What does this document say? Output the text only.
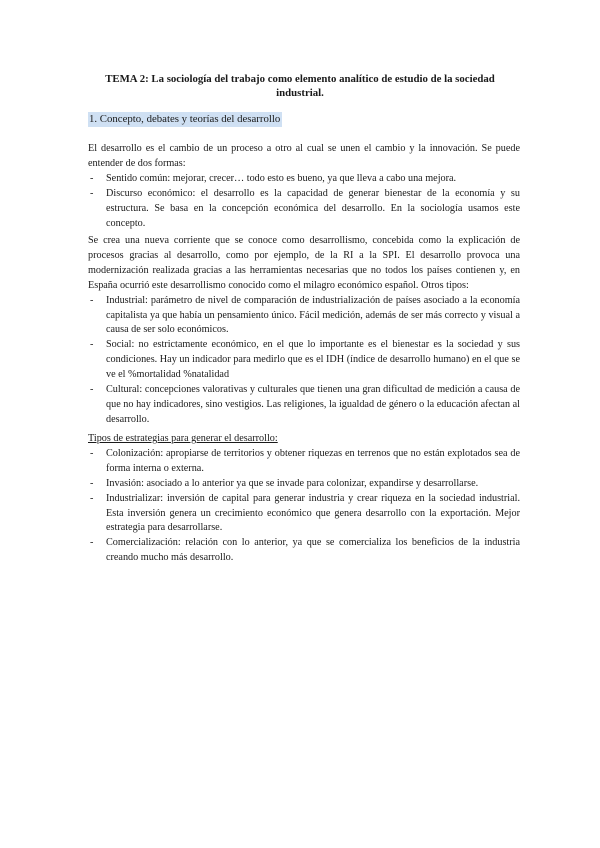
TEMA 2: La sociología del trabajo como elemento analítico de estudio de la sociedad industrial.
1. Concepto, debates y teorías del desarrollo

El desarrollo es el cambio de un proceso a otro al cual se unen el cambio y la innovación. Se puede entender de dos formas:

- Sentido común: mejorar, crecer… todo esto es bueno, ya que lleva a cabo una mejora.
- Discurso económico: el desarrollo es la capacidad de generar bienestar de la economía y su estructura. Se basa en la concepción económica del desarrollo. En la sociología usamos este concepto.

Se crea una nueva corriente que se conoce como desarrollismo, concebida como la explicación de procesos gracias al desarrollo, como por ejemplo, de la RI a la SPI. El desarrollo provoca una modernización realizada gracias a las herramientas necesarias que no todos los países contienen y, en España ocurrió este desarrollismo conocido como el milagro económico español. Otros tipos:

- Industrial: parámetro de nivel de comparación de industrialización de países asociado a la economía capitalista ya que había un pensamiento único. Fácil medición, además de ser más correcto y visual a causa de ser solo económicos.
- Social: no estrictamente económico, en el que lo importante es el bienestar es la sociedad y sus condiciones. Hay un indicador para medirlo que es el IDH (índice de desarrollo humano) en el que se ve el %mortalidad %natalidad
- Cultural: concepciones valorativas y culturales que tienen una gran dificultad de medición a causa de que no hay indicadores, sino vestigios. Las religiones, la igualdad de género o la educación afectan al desarrollo.

Tipos de estrategias para generar el desarrollo:

- Colonización: apropiarse de territorios y obtener riquezas en terrenos que no están explotados sea de forma interna o externa.
- Invasión: asociado a lo anterior ya que se invade para colonizar, expandirse y desarrollarse.
- Industrializar: inversión de capital para generar industria y crear riqueza en la sociedad industrial. Esta inversión genera un crecimiento económico que genera desarrollo con la exportación. Mejor estrategia para desarrollarse.
- Comercialización: relación con lo anterior, ya que se comercializa los beneficios de la industria creando mucho más desarrollo.
